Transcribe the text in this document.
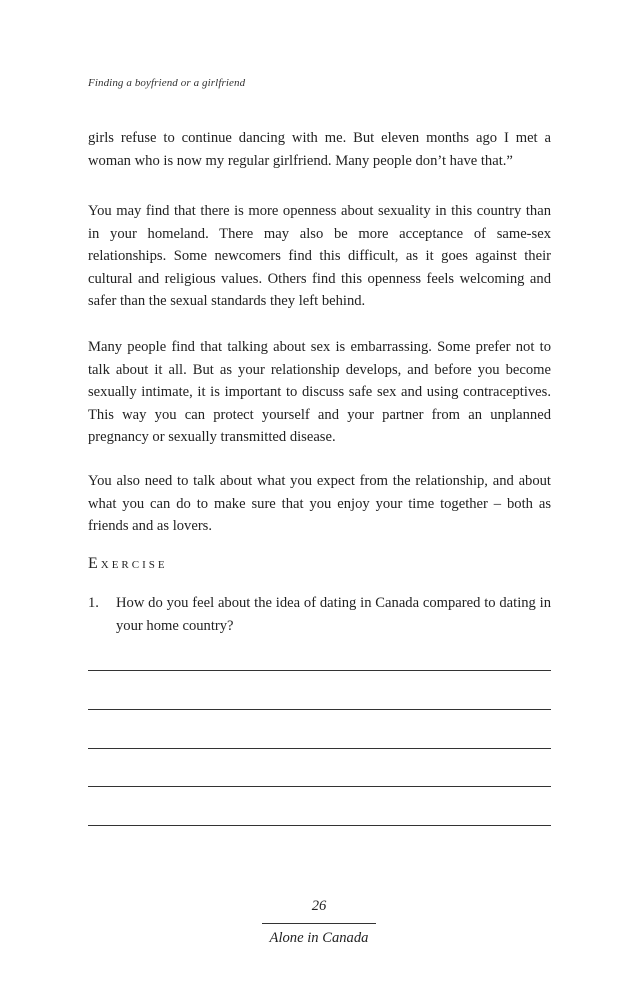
Finding a boyfriend or a girlfriend

girls refuse to continue dancing with me. But eleven months ago I met a woman who is now my regular girlfriend. Many people don’t have that.”

You may find that there is more openness about sexuality in this country than in your homeland. There may also be more acceptance of same-sex relationships. Some newcomers find this difficult, as it goes against their cultural and religious values. Others find this openness feels welcoming and safer than the sexual standards they left behind.

Many people find that talking about sex is embarrassing. Some prefer not to talk about it all. But as your relationship develops, and before you become sexually intimate, it is important to discuss safe sex and using contraceptives. This way you can protect yourself and your partner from an unplanned pregnancy or sexually transmitted disease.

You also need to talk about what you expect from the relationship, and about what you can do to make sure that you enjoy your time together – both as friends and as lovers.

Exercise
1. How do you feel about the idea of dating in Canada compared to dating in your home country?
26
Alone in Canada
